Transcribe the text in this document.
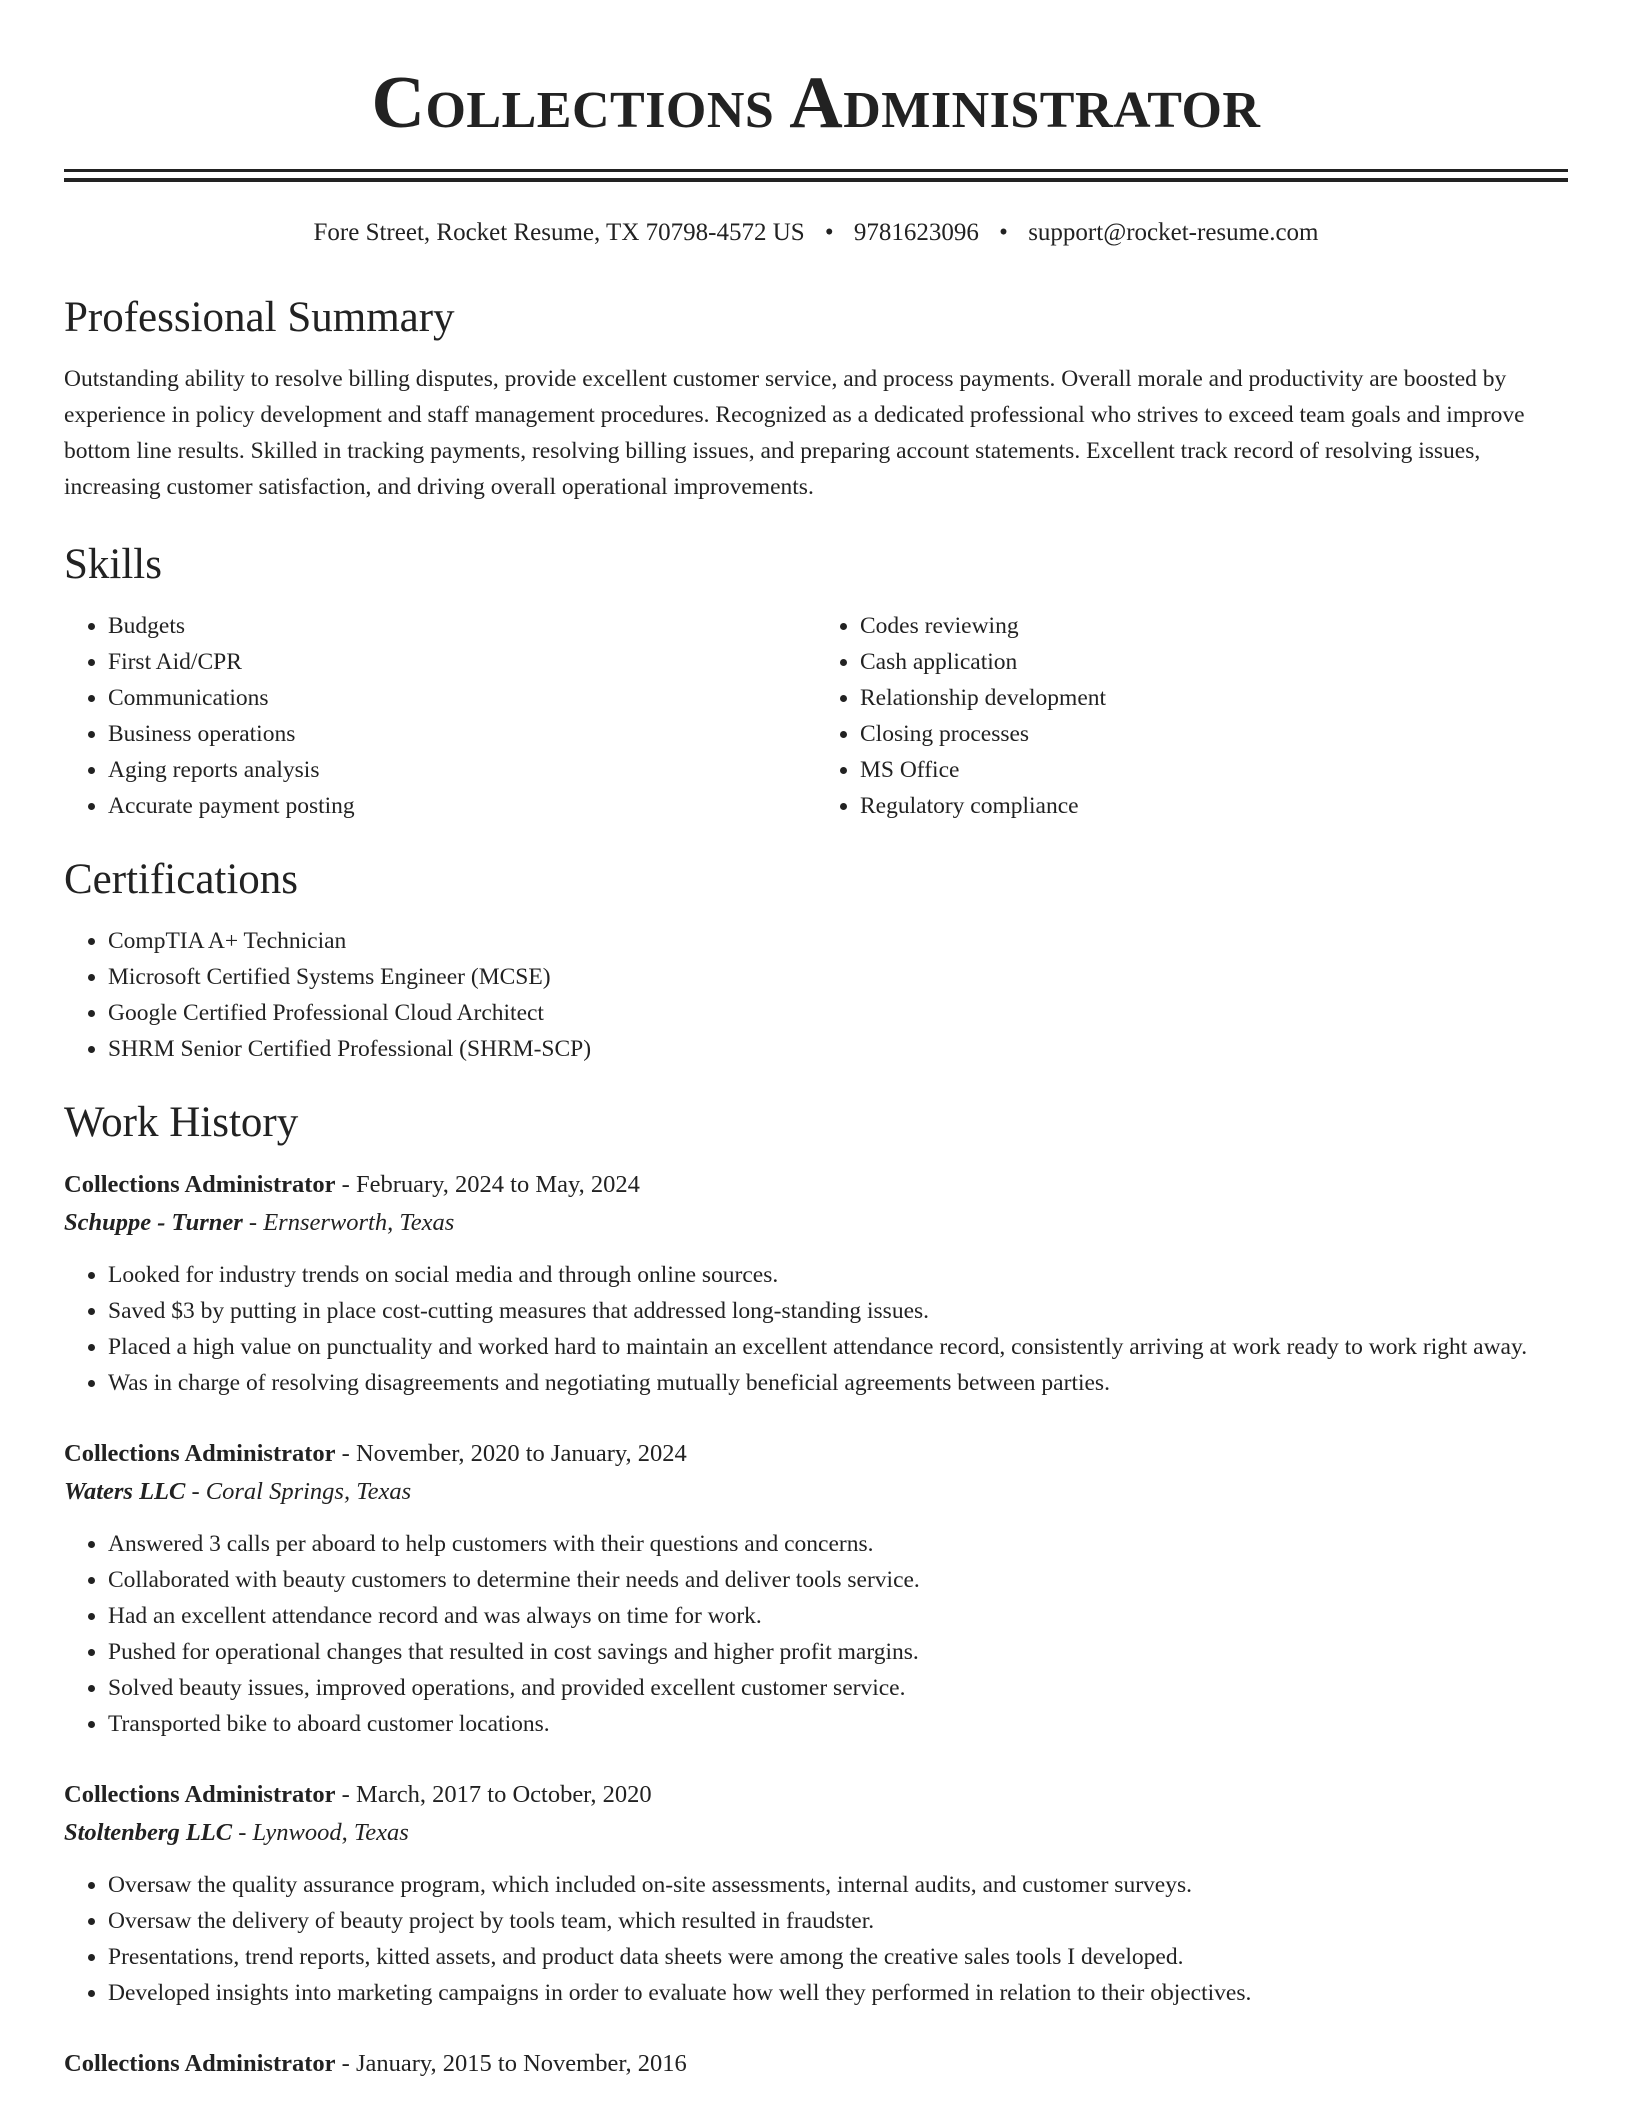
Collections Administrator
Fore Street, Rocket Resume, TX 70798-4572 US • 9781623096 • support@rocket-resume.com
Professional Summary

Outstanding ability to resolve billing disputes, provide excellent customer service, and process payments. Overall morale and productivity are boosted by experience in policy development and staff management procedures. Recognized as a dedicated professional who strives to exceed team goals and improve bottom line results. Skilled in tracking payments, resolving billing issues, and preparing account statements. Excellent track record of resolving issues, increasing customer satisfaction, and driving overall operational improvements.

Skills
• Budgets
• First Aid/CPR
• Communications
• Business operations
• Aging reports analysis
• Accurate payment posting
• Codes reviewing
• Cash application
• Relationship development
• Closing processes
• MS Office
• Regulatory compliance
Certifications
• CompTIA A+ Technician
• Microsoft Certified Systems Engineer (MCSE)
• Google Certified Professional Cloud Architect
• SHRM Senior Certified Professional (SHRM-SCP)
Work History
Collections Administrator - February, 2024 to May, 2024
Schuppe - Turner - Ernserworth, Texas
• Looked for industry trends on social media and through online sources.
• Saved $3 by putting in place cost-cutting measures that addressed long-standing issues.
• Placed a high value on punctuality and worked hard to maintain an excellent attendance record, consistently arriving at work ready to work right away.
• Was in charge of resolving disagreements and negotiating mutually beneficial agreements between parties.
Collections Administrator - November, 2020 to January, 2024
Waters LLC - Coral Springs, Texas
• Answered 3 calls per aboard to help customers with their questions and concerns.
• Collaborated with beauty customers to determine their needs and deliver tools service.
• Had an excellent attendance record and was always on time for work.
• Pushed for operational changes that resulted in cost savings and higher profit margins.
• Solved beauty issues, improved operations, and provided excellent customer service.
• Transported bike to aboard customer locations.
Collections Administrator - March, 2017 to October, 2020
Stoltenberg LLC - Lynwood, Texas
• Oversaw the quality assurance program, which included on-site assessments, internal audits, and customer surveys.
• Oversaw the delivery of beauty project by tools team, which resulted in fraudster.
• Presentations, trend reports, kitted assets, and product data sheets were among the creative sales tools I developed.
• Developed insights into marketing campaigns in order to evaluate how well they performed in relation to their objectives.
Collections Administrator - January, 2015 to November, 2016
